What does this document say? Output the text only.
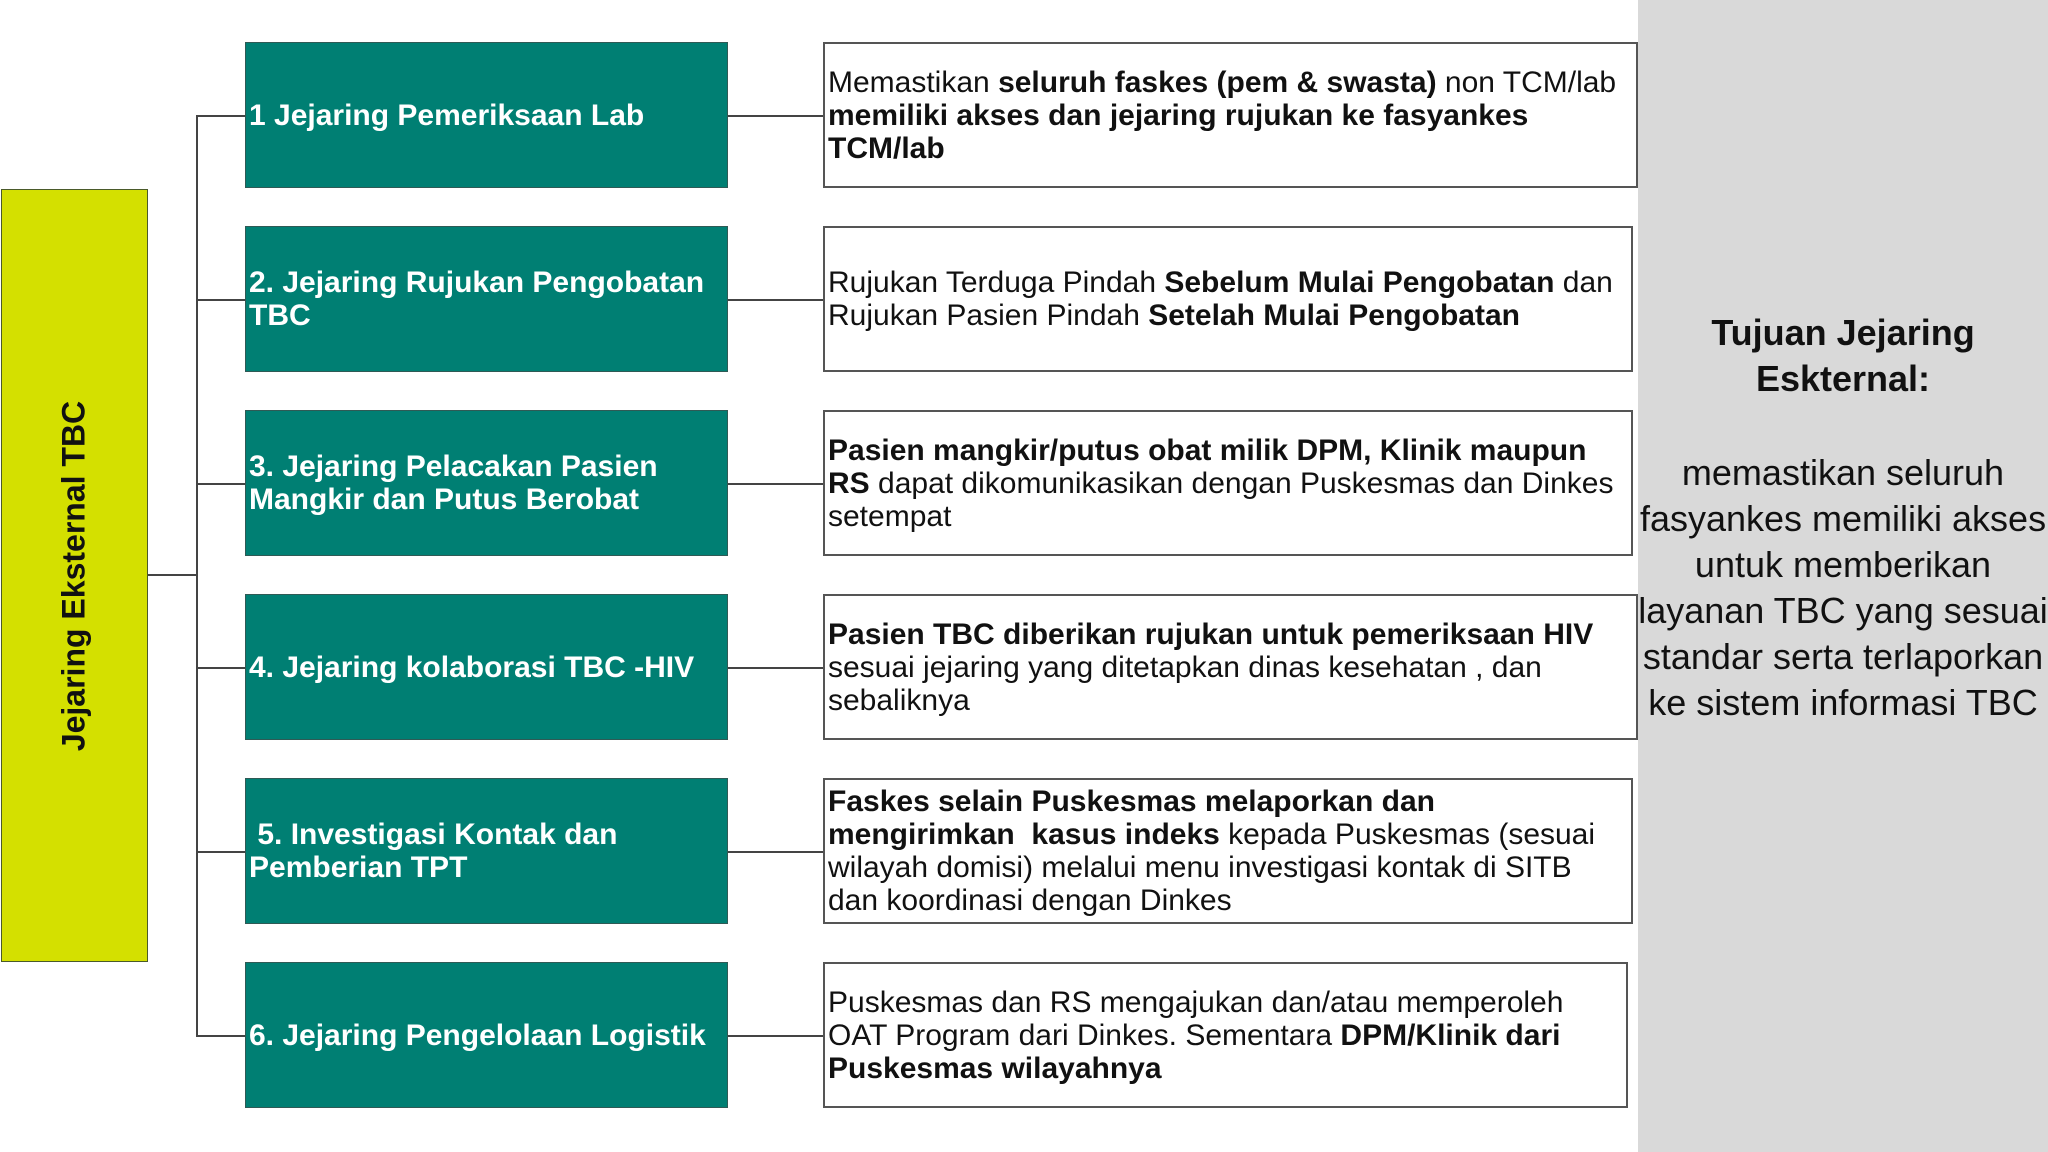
Jejaring Eksternal TBC
1 Jejaring Pemeriksaan Lab
2. Jejaring Rujukan Pengobatan TBC
3. Jejaring Pelacakan Pasien Mangkir dan Putus Berobat
4. Jejaring kolaborasi TBC -HIV
5. Investigasi Kontak dan Pemberian TPT
6. Jejaring Pengelolaan Logistik
Memastikan seluruh faskes (pem & swasta) non TCM/lab memiliki akses dan jejaring rujukan ke fasyankes TCM/lab
Rujukan Terduga Pindah Sebelum Mulai Pengobatan dan Rujukan Pasien Pindah Setelah Mulai Pengobatan
Pasien mangkir/putus obat milik DPM, Klinik maupun RS dapat dikomunikasikan dengan Puskesmas dan Dinkes setempat
Pasien TBC diberikan rujukan untuk pemeriksaan HIV sesuai jejaring yang ditetapkan dinas kesehatan , dan sebaliknya
Faskes selain Puskesmas melaporkan dan mengirimkan  kasus indeks kepada Puskesmas (sesuai wilayah domisi) melalui menu investigasi kontak di SITB dan koordinasi dengan Dinkes
Puskesmas dan RS mengajukan dan/atau memperoleh OAT Program dari Dinkes. Sementara DPM/Klinik dari Puskesmas wilayahnya
Tujuan Jejaring Eskternal:
memastikan seluruh fasyankes memiliki akses untuk memberikan layanan TBC yang sesuai standar serta terlaporkan ke sistem informasi TBC
